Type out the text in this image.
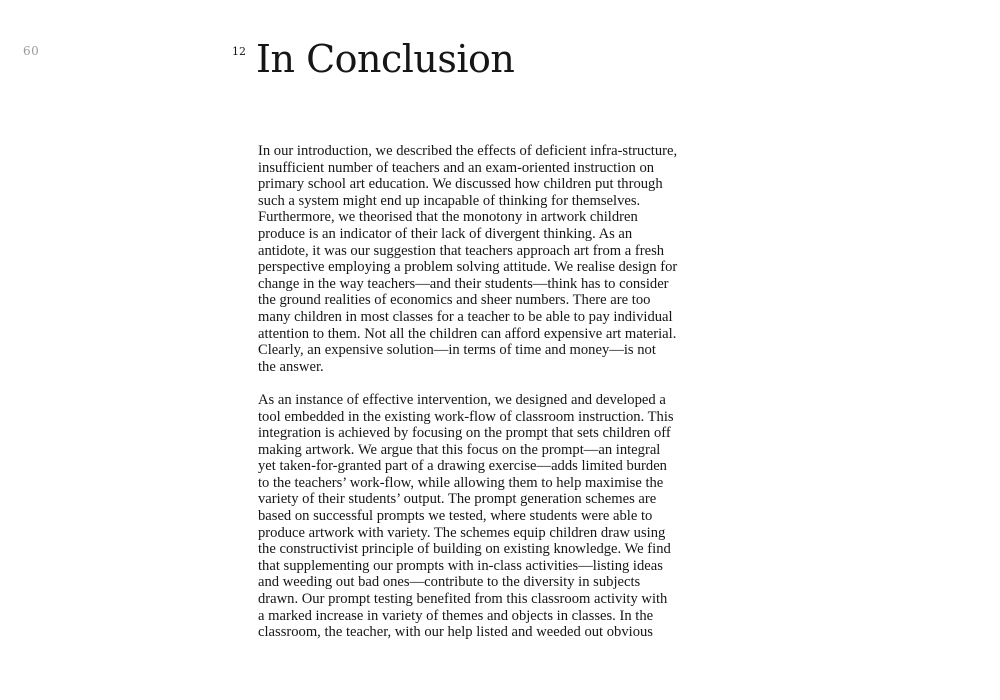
60	12 In Conclusion

In our introduction, we described the effects of deficient infra-structure,
insufficient number of teachers and an exam-oriented instruction on
primary school art education. We discussed how children put through
such a system might end up incapable of thinking for themselves.
Furthermore, we theorised that the monotony in artwork children
produce is an indicator of their lack of divergent thinking. As an
antidote, it was our suggestion that teachers approach art from a fresh
perspective employing a problem solving attitude. We realise design for
change in the way teachers—and their students—think has to consider
the ground realities of economics and sheer numbers. There are too
many children in most classes for a teacher to be able to pay individual
attention to them. Not all the children can afford expensive art material.
Clearly, an expensive solution—in terms of time and money—is not
the answer.

As an instance of effective intervention, we designed and developed a
tool embedded in the existing work-flow of classroom instruction. This
integration is achieved by focusing on the prompt that sets children off
making artwork. We argue that this focus on the prompt—an integral
yet taken-for-granted part of a drawing exercise—adds limited burden
to the teachers’ work-flow, while allowing them to help maximise the
variety of their students’ output. The prompt generation schemes are
based on successful prompts we tested, where students were able to
produce artwork with variety. The schemes equip children draw using
the constructivist principle of building on existing knowledge. We find
that supplementing our prompts with in-class activities—listing ideas
and weeding out bad ones—contribute to the diversity in subjects
drawn. Our prompt testing benefited from this classroom activity with
a marked increase in variety of themes and objects in classes. In the
classroom, the teacher, with our help listed and weeded out obvious
